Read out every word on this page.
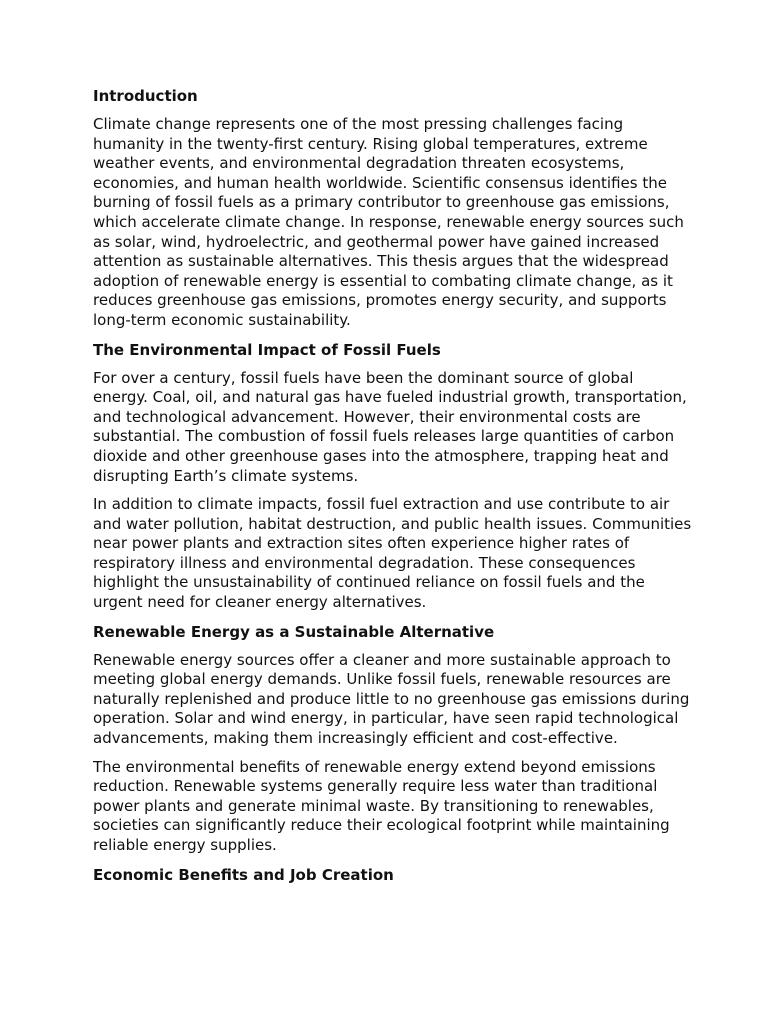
Introduction

Climate change represents one of the most pressing challenges facing humanity in the twenty-first century. Rising global temperatures, extreme weather events, and environmental degradation threaten ecosystems, economies, and human health worldwide. Scientific consensus identifies the burning of fossil fuels as a primary contributor to greenhouse gas emissions, which accelerate climate change. In response, renewable energy sources such as solar, wind, hydroelectric, and geothermal power have gained increased attention as sustainable alternatives. This thesis argues that the widespread adoption of renewable energy is essential to combating climate change, as it reduces greenhouse gas emissions, promotes energy security, and supports long-term economic sustainability.

The Environmental Impact of Fossil Fuels

For over a century, fossil fuels have been the dominant source of global energy. Coal, oil, and natural gas have fueled industrial growth, transportation, and technological advancement. However, their environmental costs are substantial. The combustion of fossil fuels releases large quantities of carbon dioxide and other greenhouse gases into the atmosphere, trapping heat and disrupting Earth’s climate systems.

In addition to climate impacts, fossil fuel extraction and use contribute to air and water pollution, habitat destruction, and public health issues. Communities near power plants and extraction sites often experience higher rates of respiratory illness and environmental degradation. These consequences highlight the unsustainability of continued reliance on fossil fuels and the urgent need for cleaner energy alternatives.

Renewable Energy as a Sustainable Alternative

Renewable energy sources offer a cleaner and more sustainable approach to meeting global energy demands. Unlike fossil fuels, renewable resources are naturally replenished and produce little to no greenhouse gas emissions during operation. Solar and wind energy, in particular, have seen rapid technological advancements, making them increasingly efficient and cost-effective.

The environmental benefits of renewable energy extend beyond emissions reduction. Renewable systems generally require less water than traditional power plants and generate minimal waste. By transitioning to renewables, societies can significantly reduce their ecological footprint while maintaining reliable energy supplies.

Economic Benefits and Job Creation
